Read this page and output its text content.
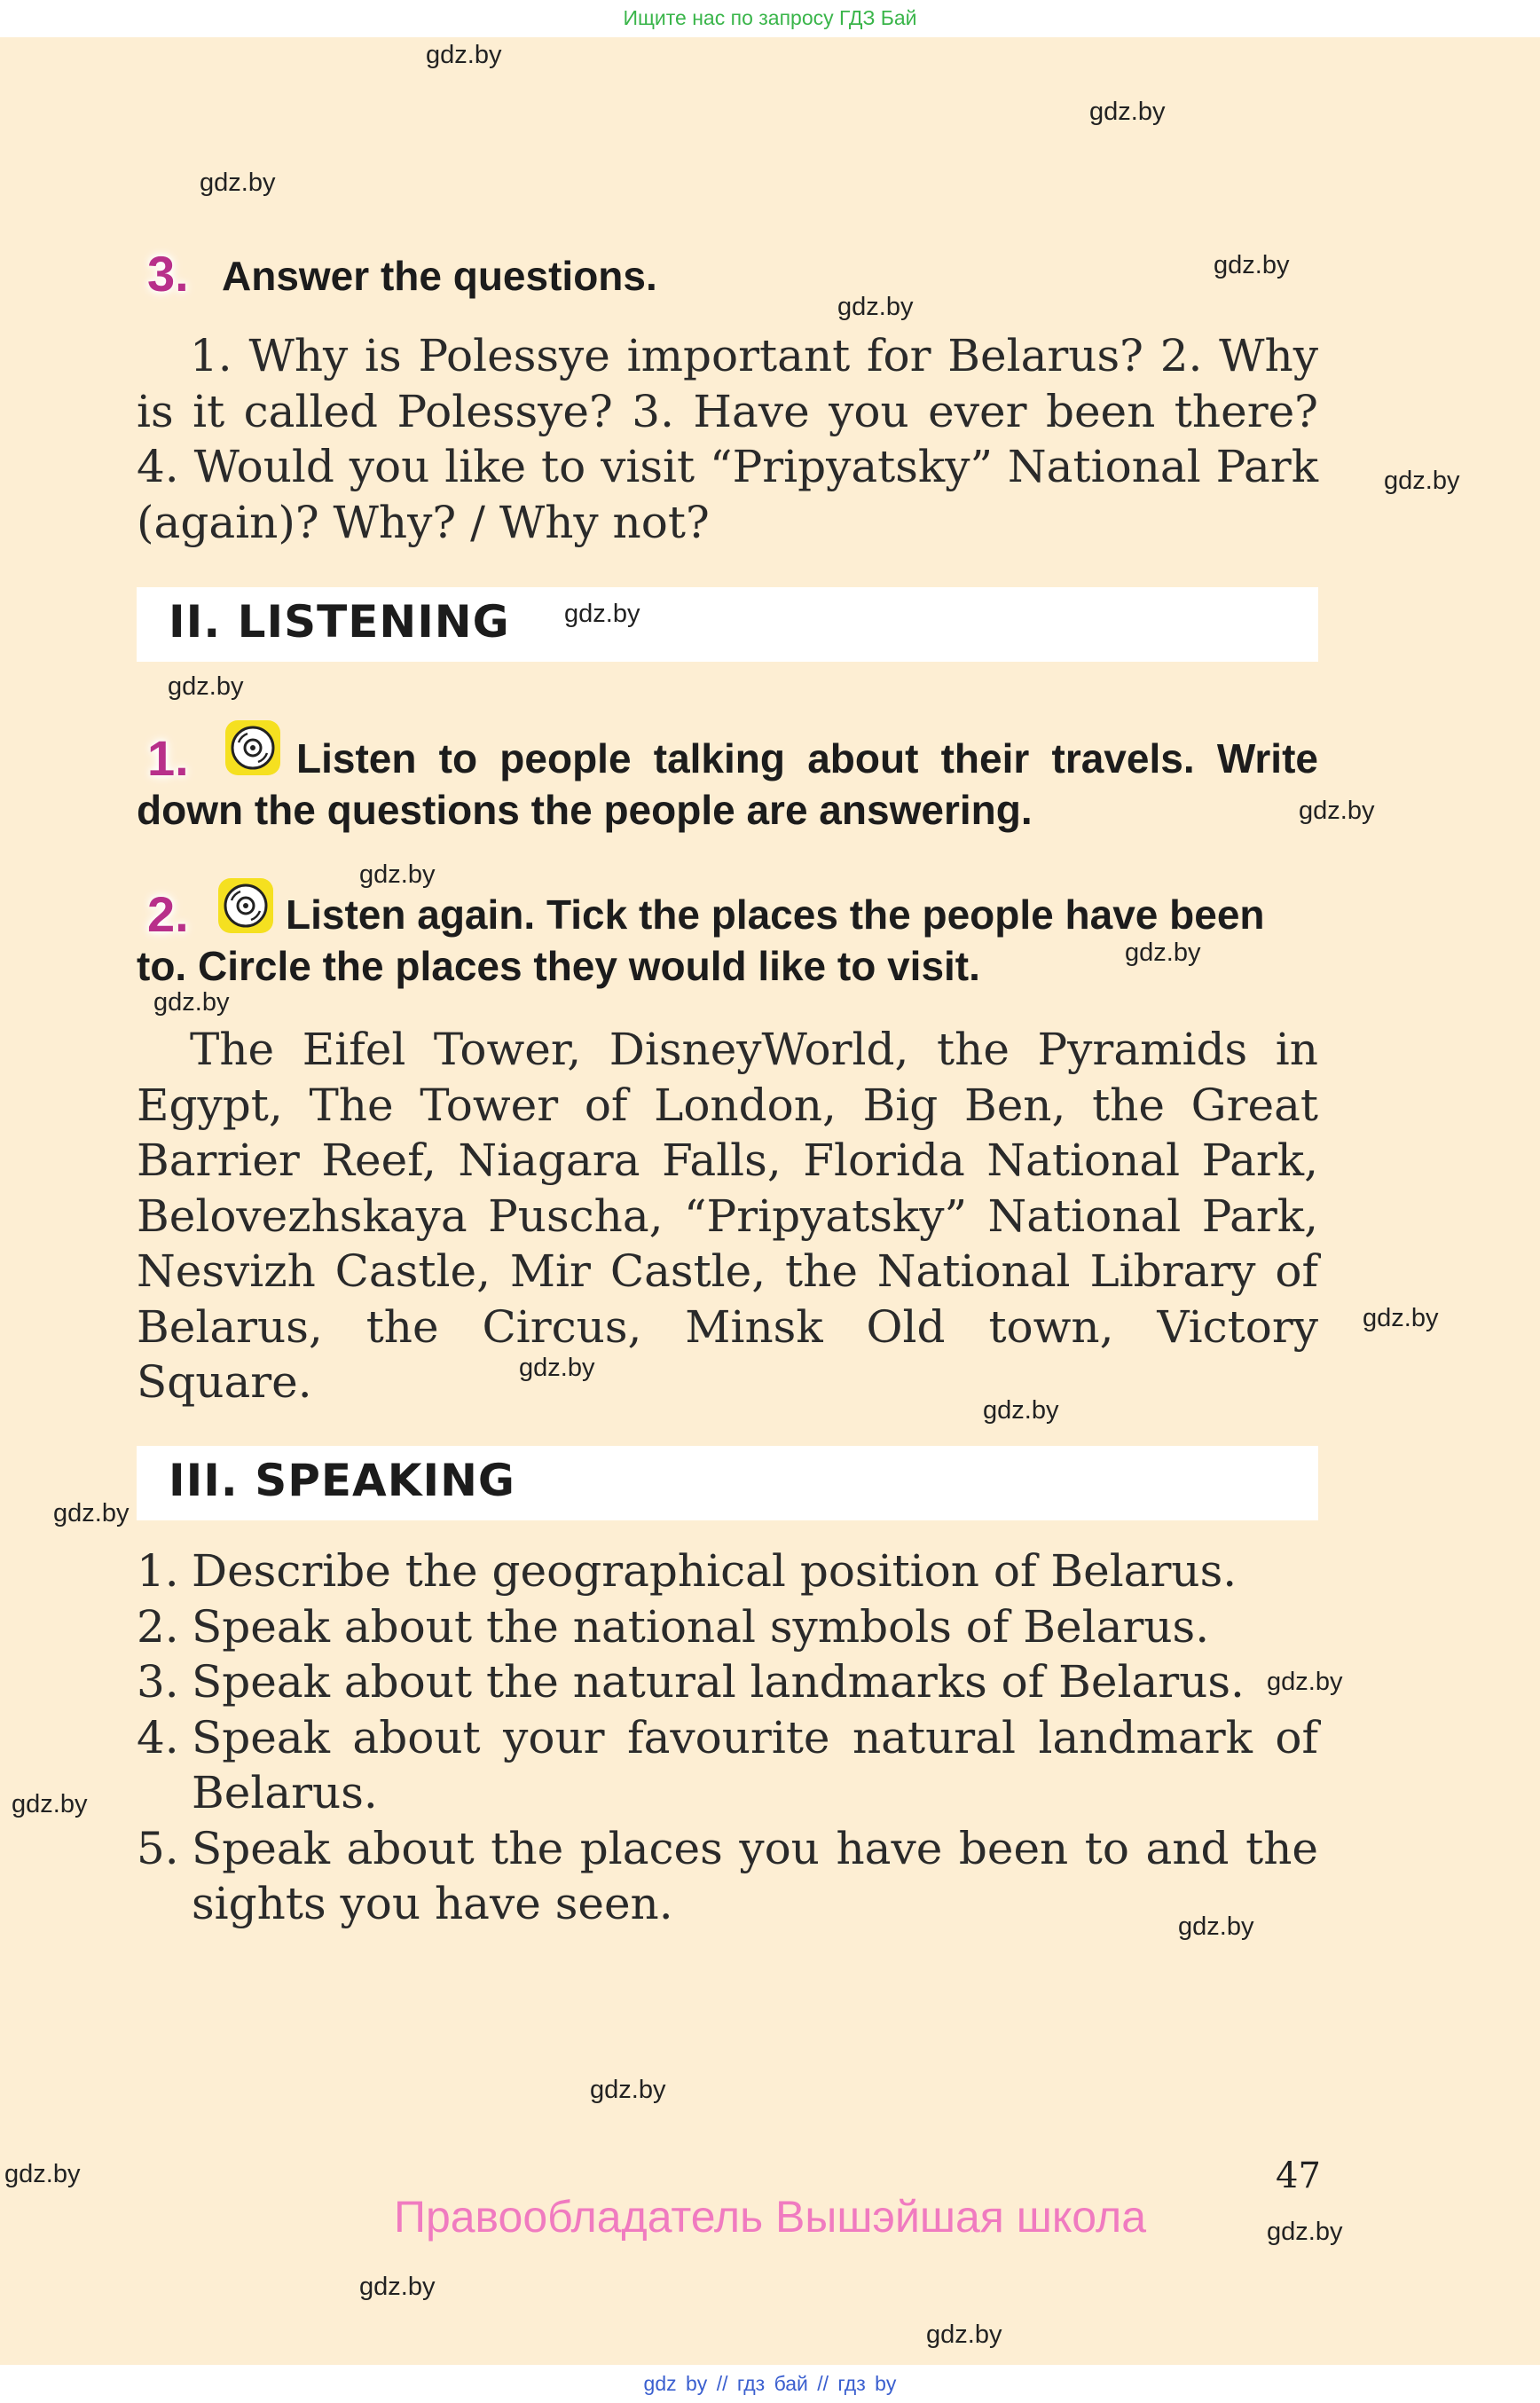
Ищите нас по запросу ГДЗ Бай
gdz.by
gdz.by
gdz.by
gdz.by
gdz.by
gdz.by
gdz.by
gdz.by
gdz.by
gdz.by
gdz.by
gdz.by
gdz.by
gdz.by
gdz.by
gdz.by
gdz.by
gdz.by
gdz.by
gdz.by
gdz.by
gdz.by
gdz.by
3. Answer the questions.
1. Why is Polessye important for Belarus? 2. Why is it called Polessye? 3. Have you ever been there? 4. Would you like to visit “Pripyatsky” National Park (again)? Why? / Why not?
II. LISTENING gdz.by
1.	Listen to people talking about their travels. Write down the questions the people are answering.
2.	Listen again. Tick the places the people have been to. Circle the places they would like to visit.
The Eifel Tower, DisneyWorld, the Pyramids in Egypt, The Tower of London, Big Ben, the Great Barrier Reef, Niagara Falls, Florida National Park, Belovezhskaya Puscha, “Pripyatsky” National Park, Nesvizh Castle, Mir Castle, the National Library of Belarus, the Circus, Minsk Old town, Victory Square.
III. SPEAKING
1. Describe the geographical position of Belarus.
2. Speak about the national symbols of Belarus.
3. Speak about the natural landmarks of Belarus.
4. Speak about your favourite natural landmark of Belarus.
5. Speak about the places you have been to and the sights you have seen.
47
Правообладатель Вышэйшая школа
gdz by // гдз бай // гдз by
